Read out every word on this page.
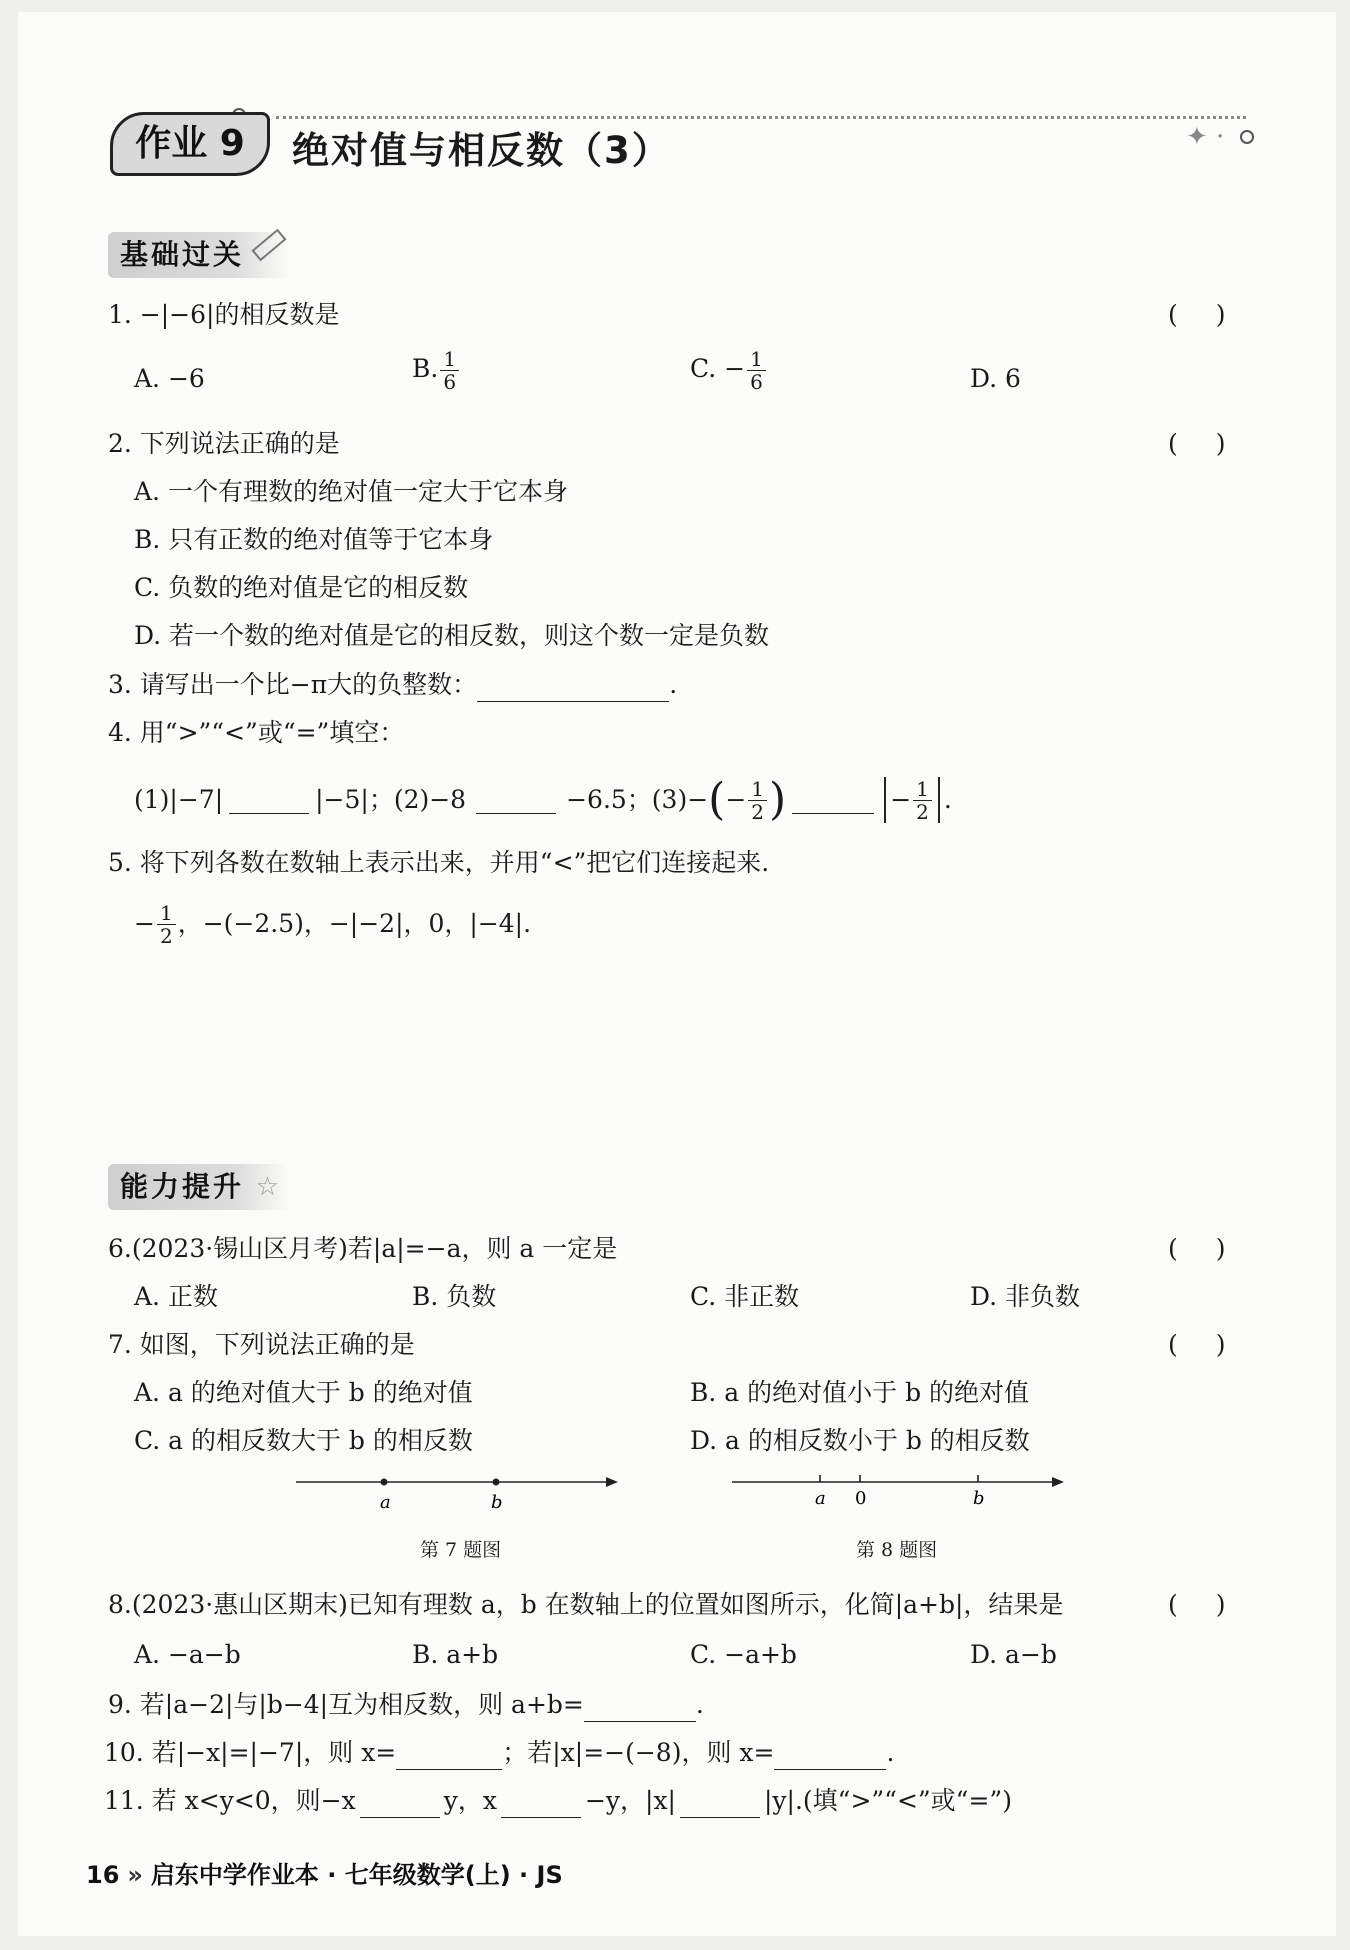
✦ ·
作业 9	绝对值与相反数（3）
基础过关
1. −|−6|的相反数是	( )
A. −6	B. $\frac{1}{6}$	C. − $\frac{1}{6}$	D. 6
2. 下列说法正确的是	( )
A. 一个有理数的绝对值一定大于它本身
B. 只有正数的绝对值等于它本身
C. 负数的绝对值是它的相反数
D. 若一个数的绝对值是它的相反数，则这个数一定是负数
3. 请写出一个比−π大的负整数：	.
4. 用“>”“<”或“=”填空：
(1)|−7|	|−5|；(2)−8	−6.5；(3)− ( − $\frac{1}{2}$ )	− $\frac{1}{2}$ .
5. 将下列各数在数轴上表示出来，并用“<”把它们连接起来.
− $\frac{1}{2}$ ，−(−2.5)，−|−2|，0，|−4|.
能力提升 ☆
6.(2023·锡山区月考)若|a|=−a，则 a 一定是	( )
A. 正数	B. 负数	C. 非正数	D. 非负数
7. 如图，下列说法正确的是	( )
A. a 的绝对值大于 b 的绝对值	B. a 的绝对值小于 b 的绝对值
C. a 的相反数大于 b 的相反数	D. a 的相反数小于 b 的相反数
a	b
第 7 题图
a 0	b
第 8 题图
8.(2023·惠山区期末)已知有理数 a，b 在数轴上的位置如图所示，化简|a+b|，结果是	( )
A. −a−b	B. a+b	C. −a+b	D. a−b
9. 若|a−2|与|b−4|互为相反数，则 a+b=	.
10. 若|−x|=|−7|，则 x=	；若|x|=−(−8)，则 x=	.
11. 若 x<y<0，则−x	y，x	−y，|x|	|y|.(填“>”“<”或“=”)
16 » 启东中学作业本 · 七年级数学(上) · JS
